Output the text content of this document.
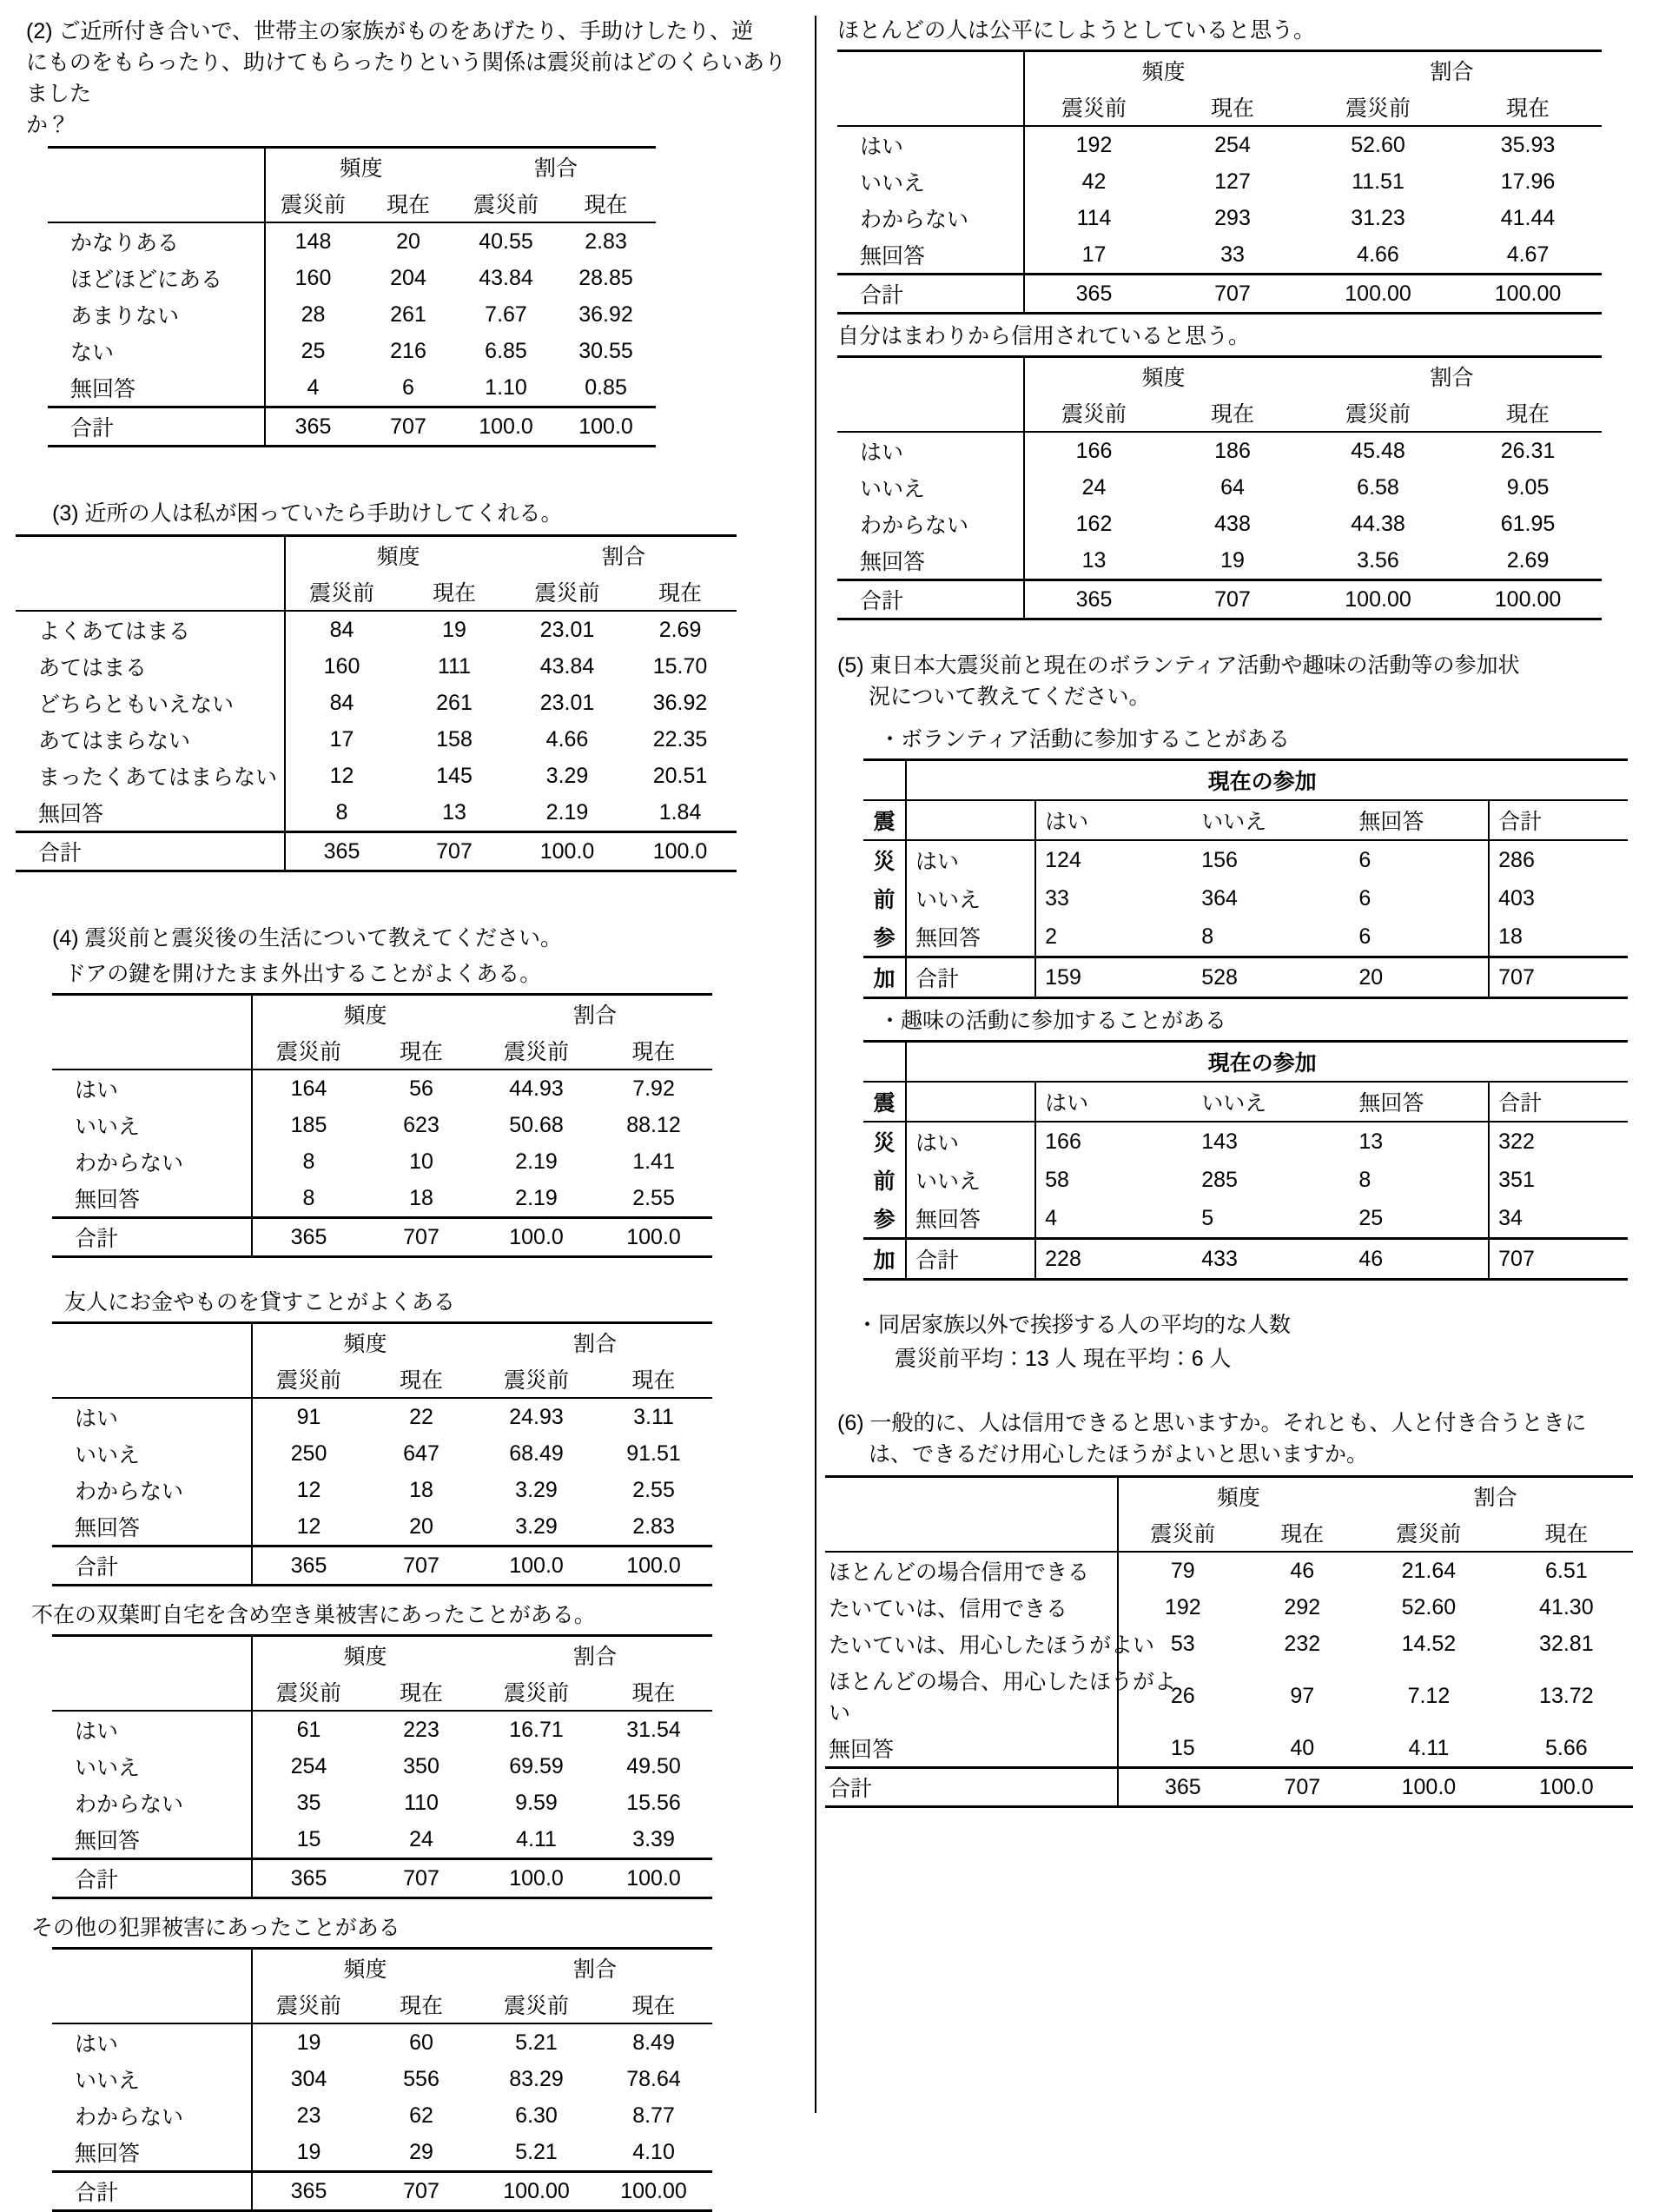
(2) ご近所付き合いで、世帯主の家族がものをあげたり、手助けしたり、逆
にものをもらったり、助けてもらったりという関係は震災前はどのくらいありました
か？
	頻度		割合	
	震災前	現在	震災前	現在
かなりある	148	20	40.55	2.83
ほどほどにある	160	204	43.84	28.85
あまりない	28	261	7.67	36.92
ない	25	216	6.85	30.55
無回答	4	6	1.10	0.85
合計	365	707	100.0	100.0
(3) 近所の人は私が困っていたら手助けしてくれる。
	頻度		割合	
	震災前	現在	震災前	現在
よくあてはまる	84	19	23.01	2.69
あてはまる	160	111	43.84	15.70
どちらともいえない	84	261	23.01	36.92
あてはまらない	17	158	4.66	22.35
まったくあてはまらない	12	145	3.29	20.51
無回答	8	13	2.19	1.84
合計	365	707	100.0	100.0
(4) 震災前と震災後の生活について教えてください。
ドアの鍵を開けたまま外出することがよくある。
	頻度		割合	
	震災前	現在	震災前	現在
はい	164	56	44.93	7.92
いいえ	185	623	50.68	88.12
わからない	8	10	2.19	1.41
無回答	8	18	2.19	2.55
合計	365	707	100.0	100.0
友人にお金やものを貸すことがよくある
	頻度		割合	
	震災前	現在	震災前	現在
はい	91	22	24.93	3.11
いいえ	250	647	68.49	91.51
わからない	12	18	3.29	2.55
無回答	12	20	3.29	2.83
合計	365	707	100.0	100.0
不在の双葉町自宅を含め空き巣被害にあったことがある。
	頻度		割合	
	震災前	現在	震災前	現在
はい	61	223	16.71	31.54
いいえ	254	350	69.59	49.50
わからない	35	110	9.59	15.56
無回答	15	24	4.11	3.39
合計	365	707	100.0	100.0
その他の犯罪被害にあったことがある
	頻度		割合	
	震災前	現在	震災前	現在
はい	19	60	5.21	8.49
いいえ	304	556	83.29	78.64
わからない	23	62	6.30	8.77
無回答	19	29	5.21	4.10
合計	365	707	100.00	100.00
ほとんどの人は公平にしようとしていると思う。
	頻度		割合	
	震災前	現在	震災前	現在
はい	192	254	52.60	35.93
いいえ	42	127	11.51	17.96
わからない	114	293	31.23	41.44
無回答	17	33	4.66	4.67
合計	365	707	100.00	100.00
自分はまわりから信用されていると思う。
	頻度		割合	
	震災前	現在	震災前	現在
はい	166	186	45.48	26.31
いいえ	24	64	6.58	9.05
わからない	162	438	44.38	61.95
無回答	13	19	3.56	2.69
合計	365	707	100.00	100.00
(5) 東日本大震災前と現在のボランティア活動や趣味の活動等の参加状
況について教えてください。
・ボランティア活動に参加することがある
		現在の参加			
震		はい	いいえ	無回答	合計
災	はい	124	156	6	286
前	いいえ	33	364	6	403
参	無回答	2	8	6	18
加	合計	159	528	20	707
・趣味の活動に参加することがある
		現在の参加			
震		はい	いいえ	無回答	合計
災	はい	166	143	13	322
前	いいえ	58	285	8	351
参	無回答	4	5	25	34
加	合計	228	433	46	707
・同居家族以外で挨拶する人の平均的な人数
震災前平均：13 人 現在平均：6 人
(6) 一般的に、人は信用できると思いますか。それとも、人と付き合うときに
は、できるだけ用心したほうがよいと思いますか。
	頻度		割合	
	震災前	現在	震災前	現在
ほとんどの場合信用できる	79	46	21.64	6.51
たいていは、信用できる	192	292	52.60	41.30
たいていは、用心したほうがよい	53	232	14.52	32.81
ほとんどの場合、用心したほうがよ
い	26	97	7.12	13.72
無回答	15	40	4.11	5.66
合計	365	707	100.0	100.0
